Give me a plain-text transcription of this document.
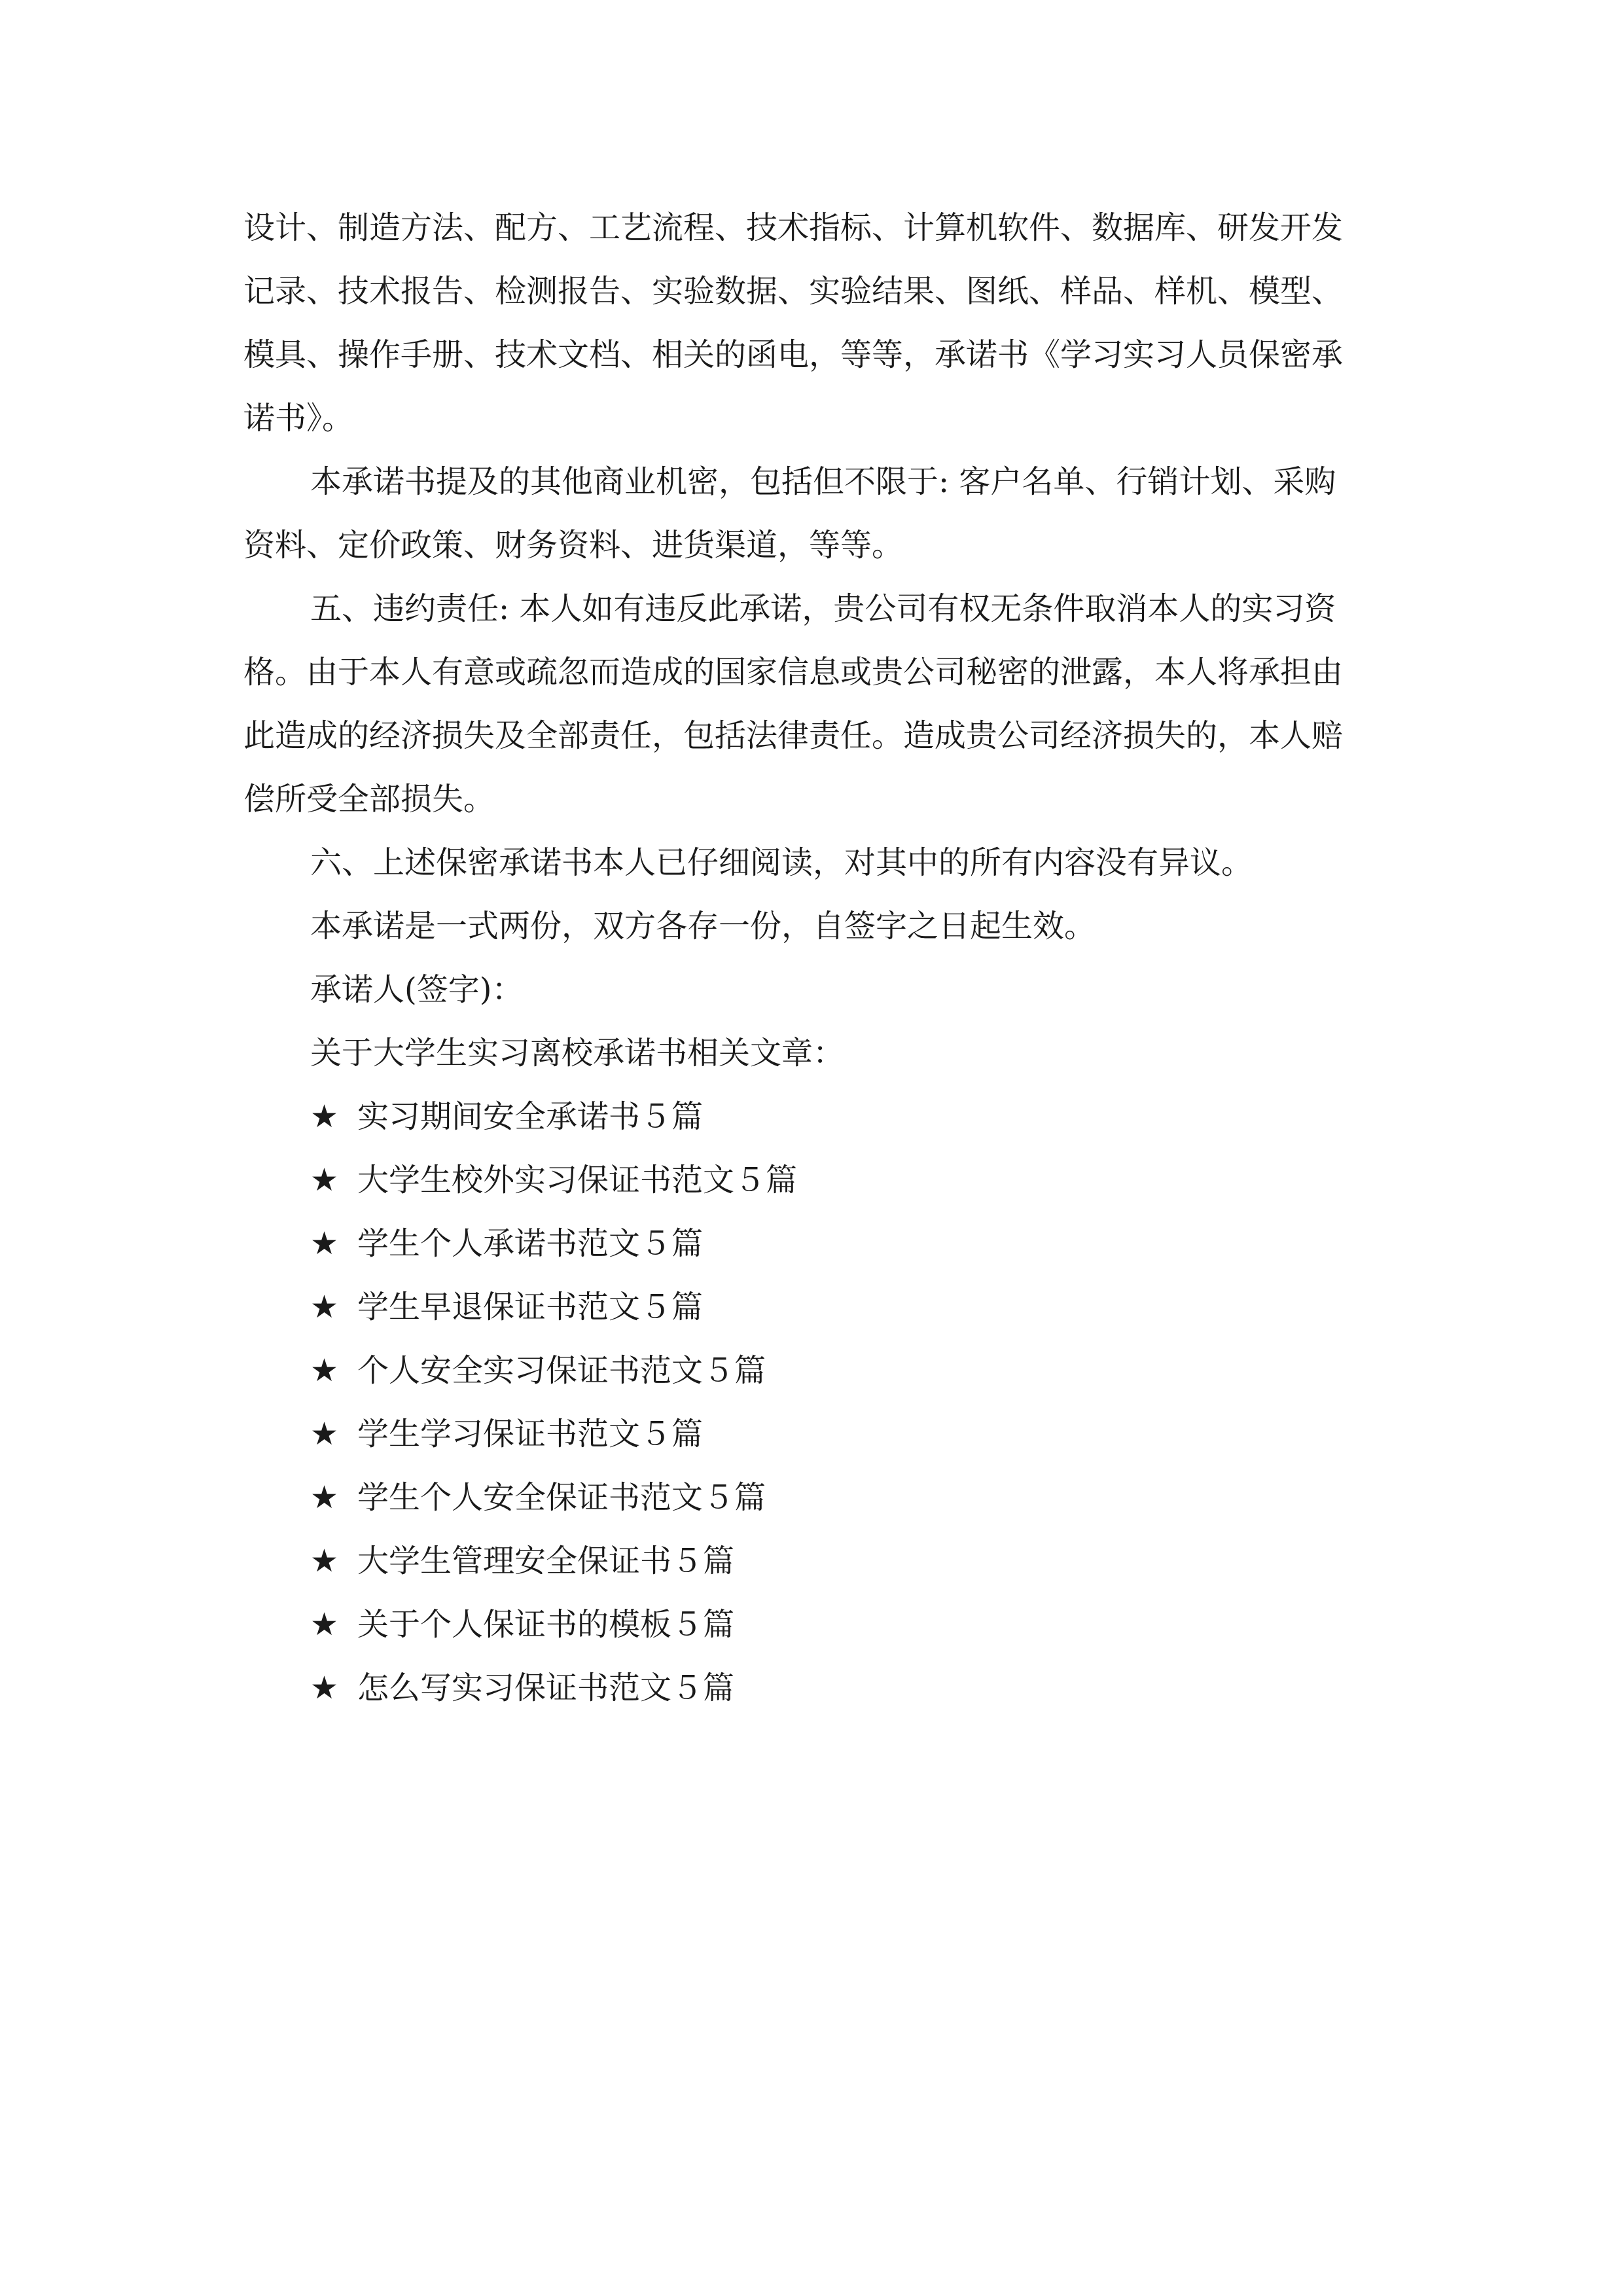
设计、制造方法、配方、工艺流程、技术指标、计算机软件、数据库、研发开发
记录、技术报告、检测报告、实验数据、实验结果、图纸、样品、样机、模型、
模具、操作手册、技术文档、相关的函电，等等，承诺书《学习实习人员保密承
诺书》。
本承诺书提及的其他商业机密，包括但不限于: 客户名单、行销计划、采购
资料、定价政策、财务资料、进货渠道，等等。
五、违约责任: 本人如有违反此承诺，贵公司有权无条件取消本人的实习资
格。由于本人有意或疏忽而造成的国家信息或贵公司秘密的泄露，本人将承担由
此造成的经济损失及全部责任，包括法律责任。造成贵公司经济损失的，本人赔
偿所受全部损失。
六、上述保密承诺书本人已仔细阅读，对其中的所有内容没有异议。
本承诺是一式两份，双方各存一份，自签字之日起生效。
承诺人(签字)：
关于大学生实习离校承诺书相关文章：
★ 实习期间安全承诺书５篇
★ 大学生校外实习保证书范文５篇
★ 学生个人承诺书范文５篇
★ 学生早退保证书范文５篇
★ 个人安全实习保证书范文５篇
★ 学生学习保证书范文５篇
★ 学生个人安全保证书范文５篇
★ 大学生管理安全保证书５篇
★ 关于个人保证书的模板５篇
★ 怎么写实习保证书范文５篇
